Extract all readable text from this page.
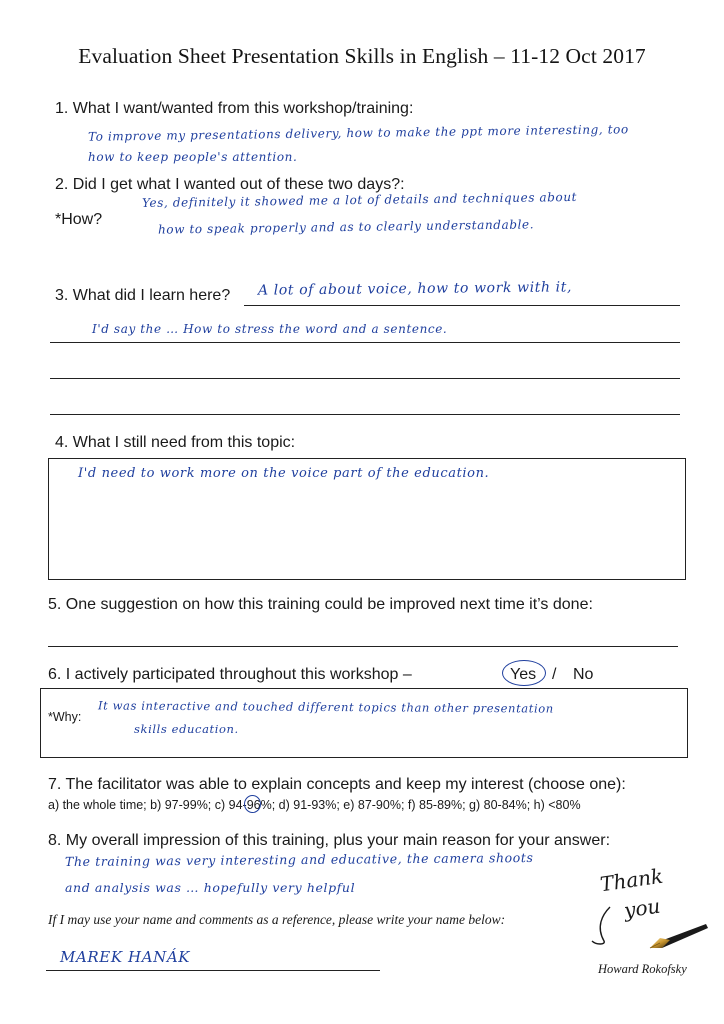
Evaluation Sheet Presentation Skills in English – 11-12 Oct 2017
1. What I want/wanted from this workshop/training:
To improve my presentations delivery, how to make the ppt more interesting, too
how to keep people's attention.
2. Did I get what I wanted out of these two days?:
*How?
Yes, definitely it showed me a lot of details and techniques about
how to speak properly and as to clearly understandable.
3. What did I learn here? A lot of about voice, how to work with it,
I'd say the … How to stress the word and a sentence.
4. What I still need from this topic:
I'd need to work more on the voice part of the education.
5. One suggestion on how this training could be improved next time it’s done:
6. I actively participated throughout this workshop –	Yes / No
*Why:
It was interactive and touched different topics than other presentation
skills education.
7. The facilitator was able to explain concepts and keep my interest (choose one):
a) the whole time; b) 97-99%; c) 94-96%; d) 91-93%; e) 87-90%; f) 85-89%; g) 80-84%; h) <80%
8. My overall impression of this training, plus your main reason for your answer:
The training was very interesting and educative, the camera shoots
and analysis was … hopefully very helpful
If I may use your name and comments as a reference, please write your name below:
MAREK HANÁK
Thank
you
Howard Rokofsky
